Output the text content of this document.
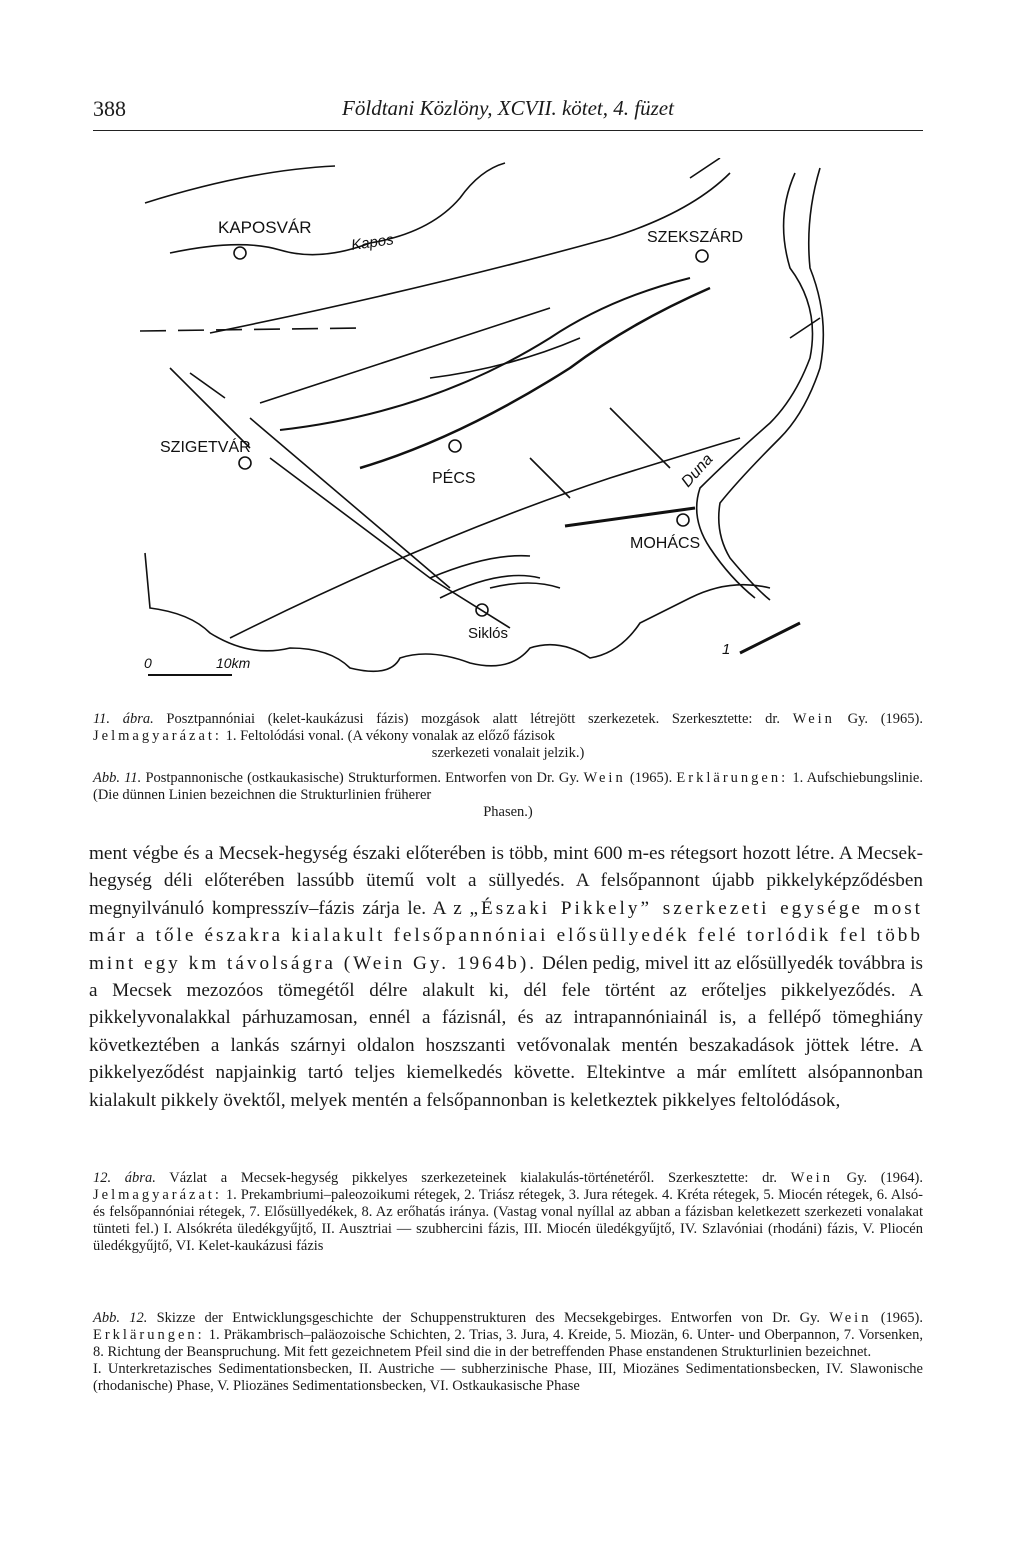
388	Földtani Közlöny, XCVII. kötet, 4. füzet
KAPOSVÁR
Kapos	SZEKSZÁRD
SZIGETVÁR
PÉCS	Duna
MOHÁCS
Siklós
0	10km
1
11. ábra. Posztpannóniai (kelet-kaukázusi fázis) mozgások alatt létrejött szerkezetek. Szerkesztette: dr. Wein Gy. (1965). Jelmagyarázat: 1. Feltolódási vonal. (A vékony vonalak az előző fázisok
szerkezeti vonalait jelzik.)
Abb. 11. Postpannonische (ostkaukasische) Strukturformen. Entworfen von Dr. Gy. Wein (1965). Erklärungen: 1. Aufschiebungslinie. (Die dünnen Linien bezeichnen die Strukturlinien früherer
Phasen.)
ment végbe és a Mecsek-hegység északi előterében is több, mint 600 m-es rétegsort hozott létre. A Mecsek-hegység déli előterében lassúbb ütemű volt a süllyedés. A felsőpannont újabb pikkelyképződésben megnyilvánuló kompresszív–fázis zárja le. A z „Északi Pikkely” szerkezeti egysége most már a tőle északra kialakult felsőpannóniai elősüllyedék felé torlódik fel több mint egy km távolságra (Wein Gy. 1964b). Délen pedig, mivel itt az elősüllyedék továbbra is a Mecsek mezozóos tömegétől délre alakult ki, dél fele történt az erőteljes pikkelyeződés. A pikkelyvonalakkal párhuzamosan, ennél a fázisnál, és az intrapannóniainál is, a fellépő tömeghiány következtében a lankás szárnyi oldalon hoszszanti vetővonalak mentén beszakadások jöttek létre. A pikkelyeződést napjainkig tartó teljes kiemelkedés követte. Eltekintve a már említett alsópannonban kialakult pikkely övektől, melyek mentén a felsőpannonban is keletkeztek pikkelyes feltolódások,
12. ábra. Vázlat a Mecsek-hegység pikkelyes szerkezeteinek kialakulás-történetéről. Szerkesztette: dr. Wein Gy. (1964). Jelmagyarázat: 1. Prekambriumi–paleozoikumi rétegek, 2. Triász rétegek, 3. Jura rétegek. 4. Kréta rétegek, 5. Miocén rétegek, 6. Alsó- és felsőpannóniai rétegek, 7. Elősüllyedékek, 8. Az erőhatás iránya. (Vastag vonal nyíllal az abban a fázisban keletkezett szerkezeti vonalakat tünteti fel.) I. Alsókréta üledékgyűjtő, II. Ausztriai — szubhercini fázis, III. Miocén üledékgyűjtő, IV. Szlavóniai (rhodáni) fázis, V. Pliocén üledékgyűjtő, VI. Kelet-kaukázusi fázis
Abb. 12. Skizze der Entwicklungsgeschichte der Schuppenstrukturen des Mecsekgebirges. Entworfen von Dr. Gy. Wein (1965). Erklärungen: 1. Präkambrisch–paläozoische Schichten, 2. Trias, 3. Jura, 4. Kreide, 5. Miozän, 6. Unter- und Oberpannon, 7. Vorsenken, 8. Richtung der Beanspruchung. Mit fett gezeichnetem Pfeil sind die in der betreffenden Phase enstandenen Strukturlinien bezeichnet.
I. Unterkretazisches Sedimentationsbecken, II. Austriche — subherzinische Phase, III, Miozänes Sedimentationsbecken, IV. Slawonische (rhodanische) Phase, V. Pliozänes Sedimentationsbecken, VI. Ostkaukasische Phase
